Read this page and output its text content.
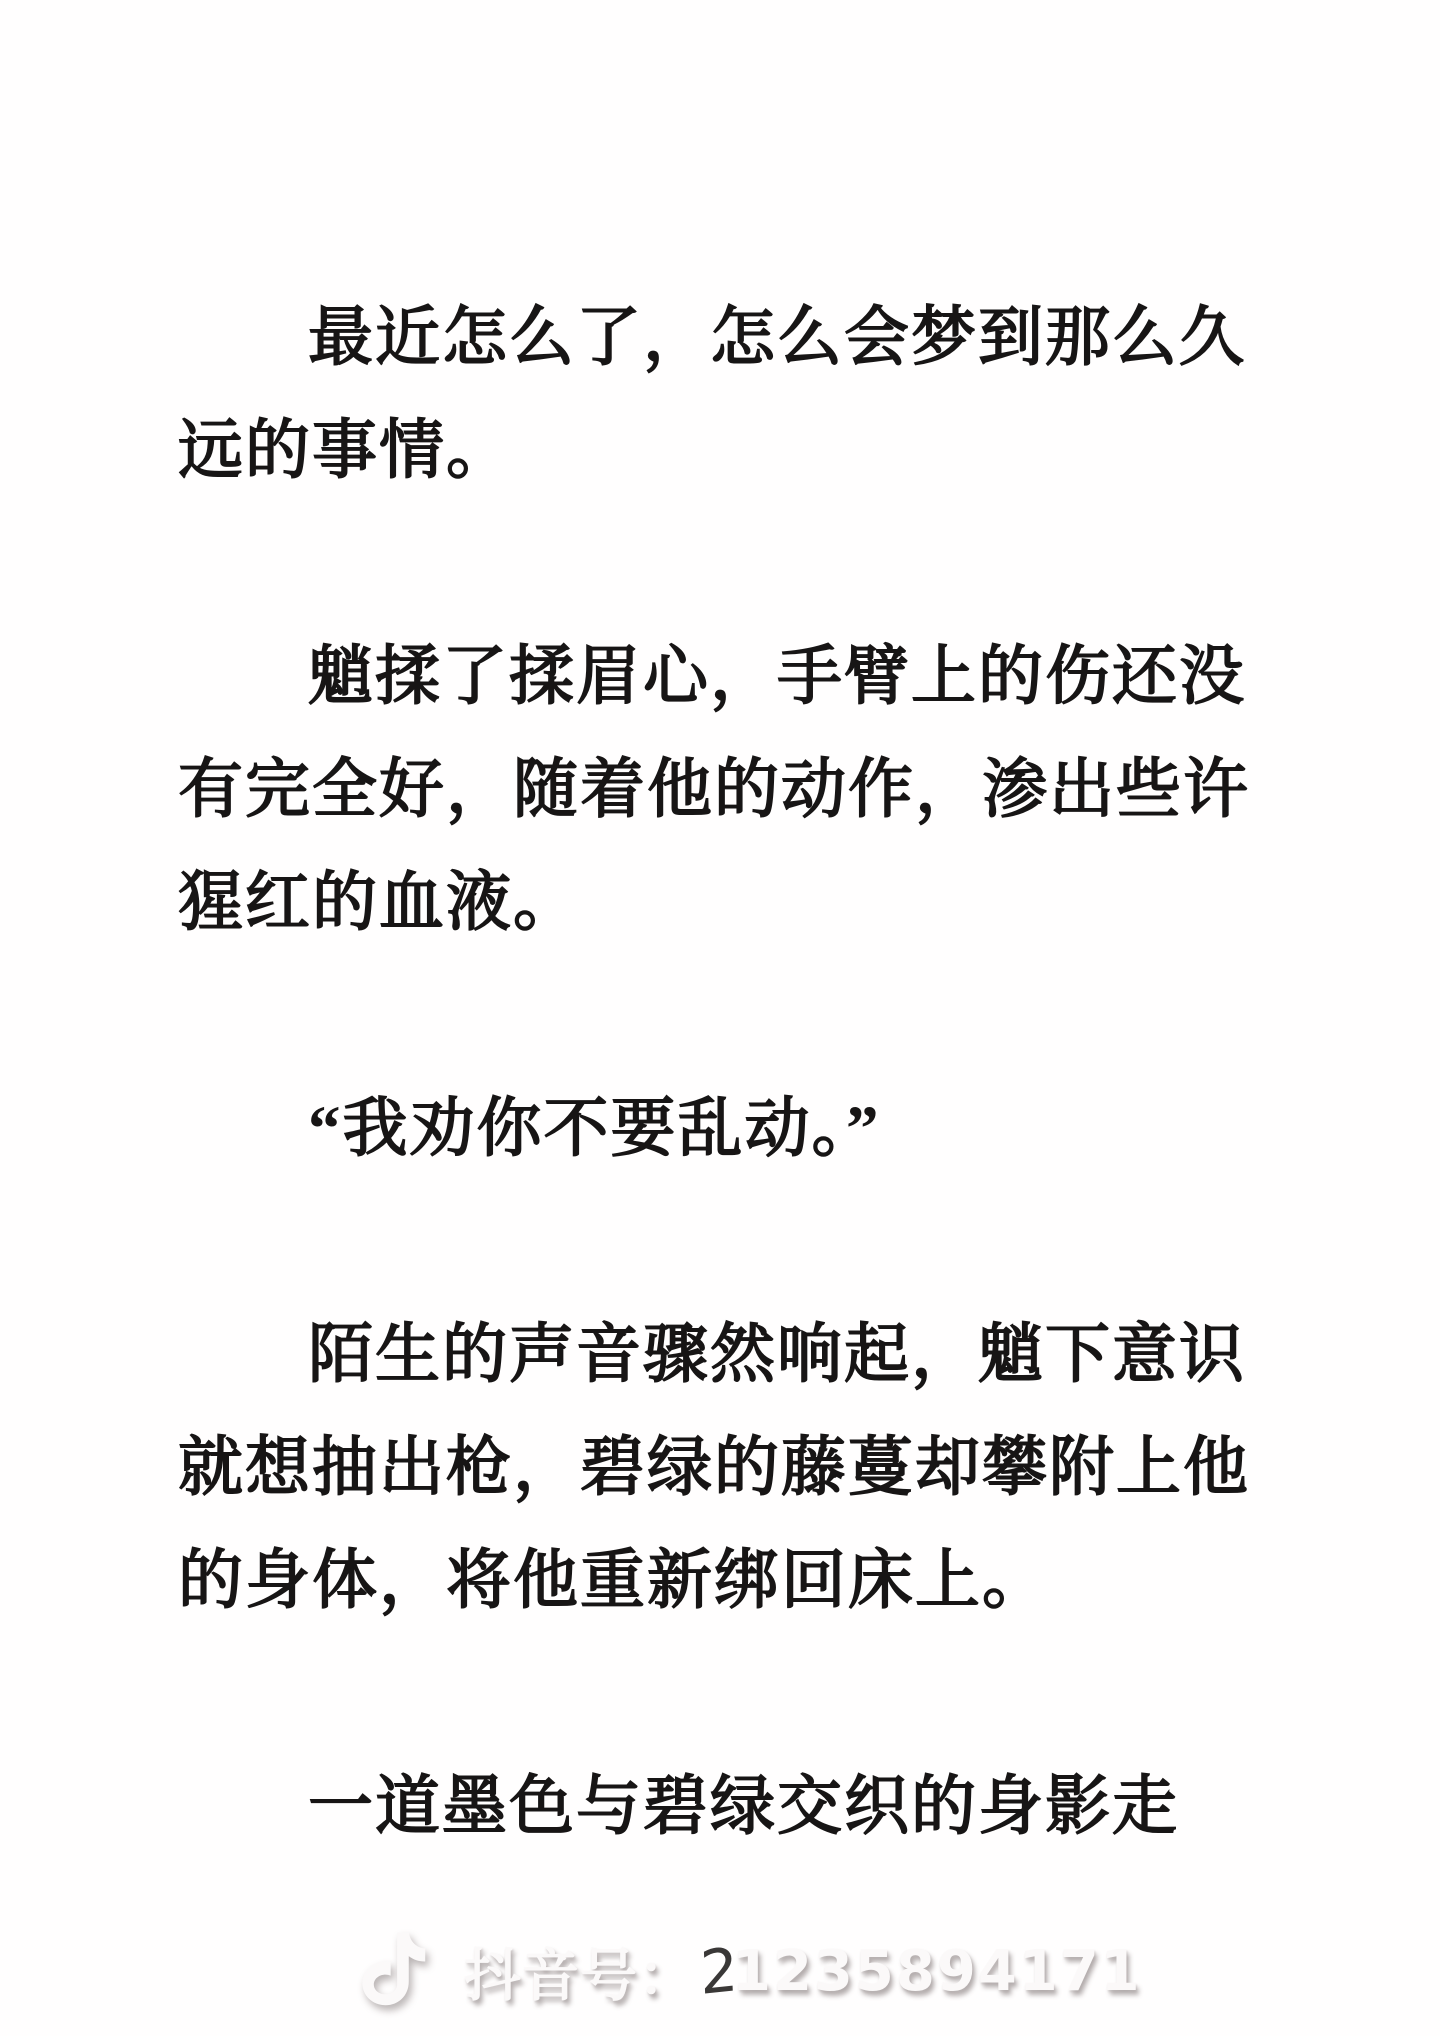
最近怎么了，怎么会梦到那么久
远的事情。
魈揉了揉眉心，手臂上的伤还没
有完全好，随着他的动作，渗出些许
猩红的血液。
“我劝你不要乱动。”
陌生的声音骤然响起，魈下意识
就想抽出枪，碧绿的藤蔓却攀附上他
的身体，将他重新绑回床上。
一道墨色与碧绿交织的身影走
抖音号： 1235894171
2
